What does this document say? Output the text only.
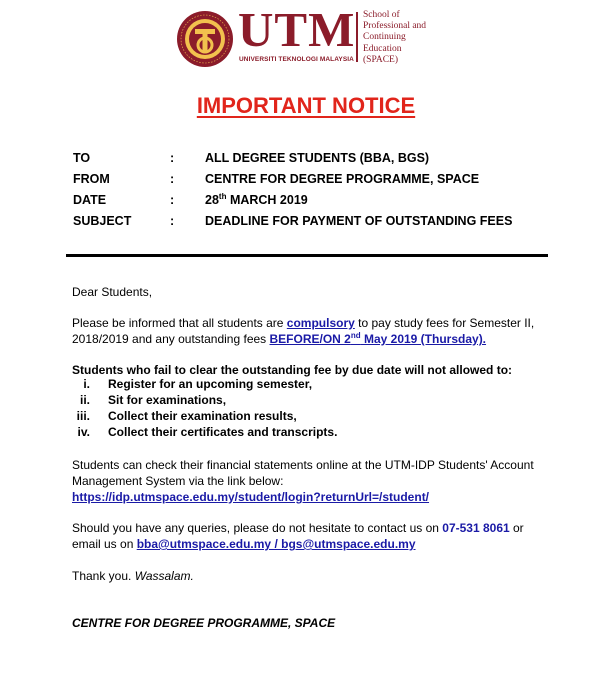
UTM
UNIVERSITI TEKNOLOGI MALAYSIA
School of
Professional and
Continuing
Education
(SPACE)
IMPORTANT NOTICE
TO	: ALL DEGREE STUDENTS (BBA, BGS)
FROM	: CENTRE FOR DEGREE PROGRAMME, SPACE
DATE	: 28th MARCH 2019
SUBJECT	: DEADLINE FOR PAYMENT OF OUTSTANDING FEES
Dear Students,
Please be informed that all students are compulsory to pay study fees for Semester II, 2018/2019 and any outstanding fees BEFORE/ON 2nd May 2019 (Thursday).
Students who fail to clear the outstanding fee by due date will not allowed to:
i. Register for an upcoming semester,
ii. Sit for examinations,
iii. Collect their examination results,
iv. Collect their certificates and transcripts.
Students can check their financial statements online at the UTM-IDP Students' Account Management System via the link below:
https://idp.utmspace.edu.my/student/login?returnUrl=/student/
Should you have any queries, please do not hesitate to contact us on 07-531 8061 or email us on bba@utmspace.edu.my / bgs@utmspace.edu.my
Thank you. Wassalam.
CENTRE FOR DEGREE PROGRAMME, SPACE
